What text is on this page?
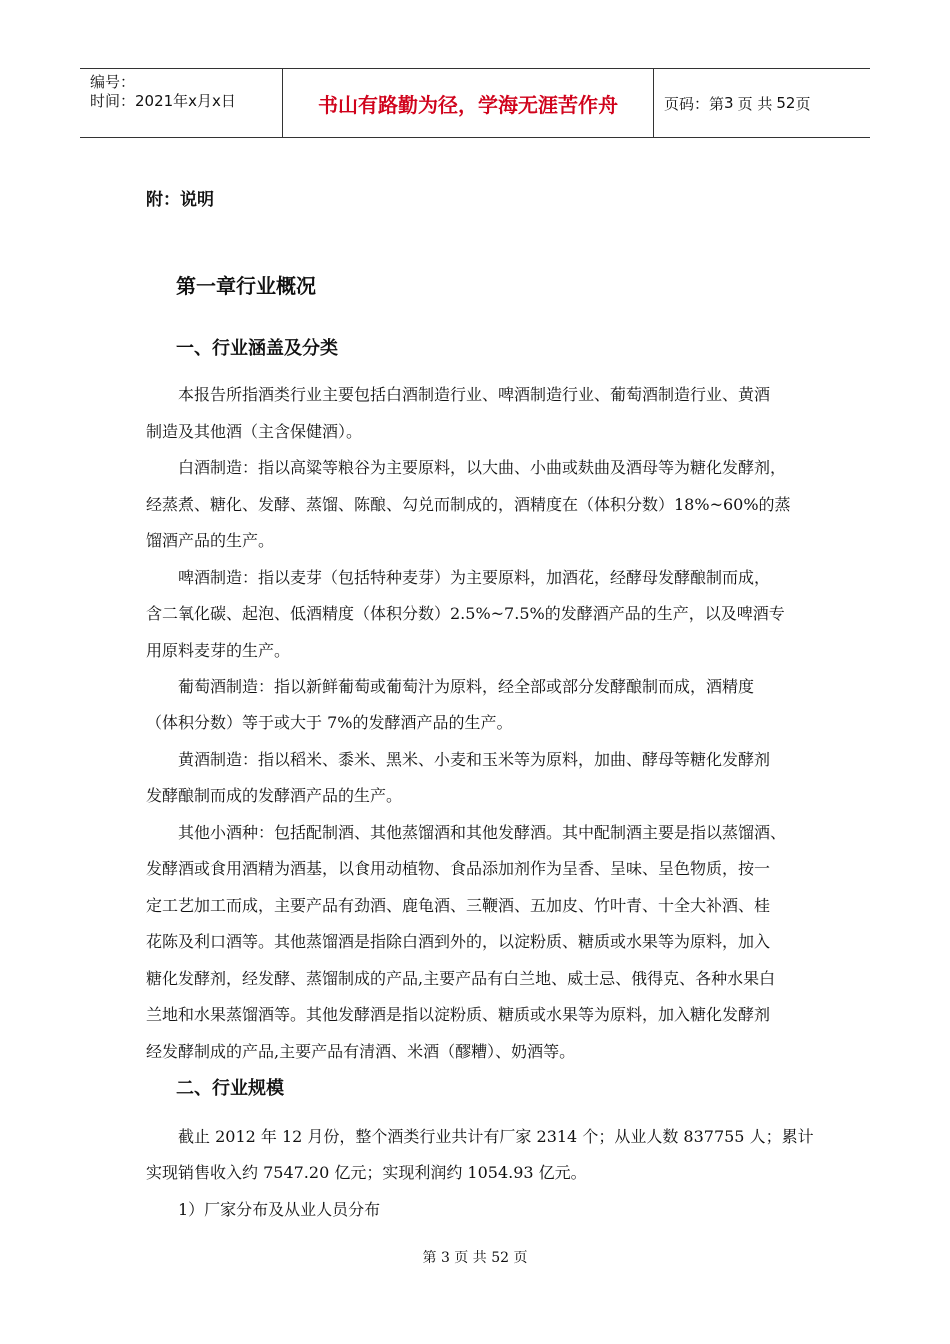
编号：
时间：2021年x月x日	书山有路勤为径，学海无涯苦作舟	页码：第 3 页 共 52 页
附：说明
第一章行业概况
一、行业涵盖及分类
本报告所指酒类行业主要包括白酒制造行业、啤酒制造行业、葡萄酒制造行业、黄酒
制造及其他酒（主含保健酒）。
白酒制造：指以高粱等粮谷为主要原料，以大曲、小曲或麸曲及酒母等为糖化发酵剂，
经蒸煮、糖化、发酵、蒸馏、陈酿、勾兑而制成的，酒精度在（体积分数）18%~60%的蒸
馏酒产品的生产。
啤酒制造：指以麦芽（包括特种麦芽）为主要原料，加酒花，经酵母发酵酿制而成，
含二氧化碳、起泡、低酒精度（体积分数）2.5%~7.5%的发酵酒产品的生产，以及啤酒专
用原料麦芽的生产。
葡萄酒制造：指以新鲜葡萄或葡萄汁为原料，经全部或部分发酵酿制而成，酒精度
（体积分数）等于或大于 7%的发酵酒产品的生产。
黄酒制造：指以稻米、黍米、黑米、小麦和玉米等为原料，加曲、酵母等糖化发酵剂
发酵酿制而成的发酵酒产品的生产。
其他小酒种：包括配制酒、其他蒸馏酒和其他发酵酒。其中配制酒主要是指以蒸馏酒、
发酵酒或食用酒精为酒基，以食用动植物、食品添加剂作为呈香、呈味、呈色物质，按一
定工艺加工而成，主要产品有劲酒、鹿龟酒、三鞭酒、五加皮、竹叶青、十全大补酒、桂
花陈及利口酒等。其他蒸馏酒是指除白酒到外的，以淀粉质、糖质或水果等为原料，加入
糖化发酵剂，经发酵、蒸馏制成的产品,主要产品有白兰地、威士忌、俄得克、各种水果白
兰地和水果蒸馏酒等。其他发酵酒是指以淀粉质、糖质或水果等为原料，加入糖化发酵剂
经发酵制成的产品,主要产品有清酒、米酒（醪糟）、奶酒等。
二、行业规模
截止 2012 年 12 月份，整个酒类行业共计有厂家 2314 个；从业人数 837755 人；累计
实现销售收入约 7547.20 亿元；实现利润约 1054.93 亿元。
1）厂家分布及从业人员分布
第 3 页 共 52 页
